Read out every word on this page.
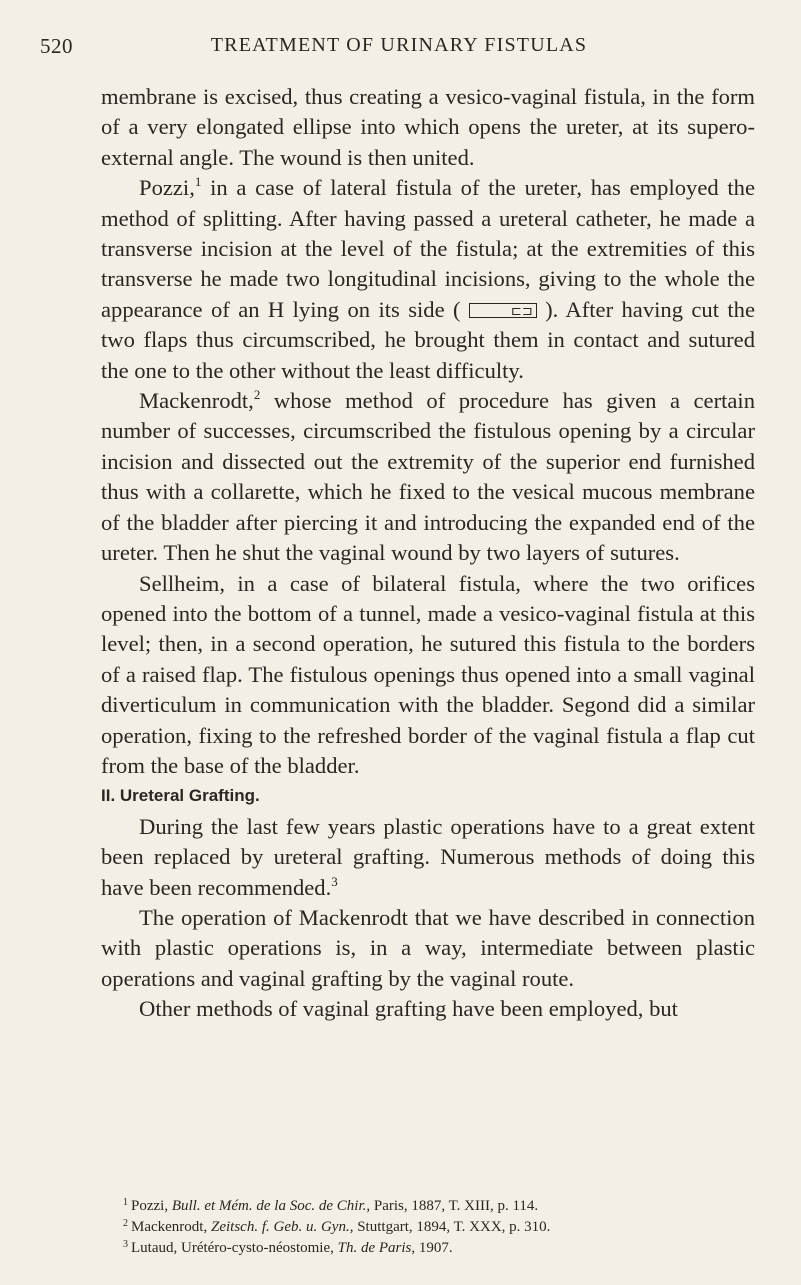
520	TREATMENT OF URINARY FISTULAS

membrane is excised, thus creating a vesico-vaginal fistula, in the form of a very elongated ellipse into which opens the ureter, at its supero-external angle. The wound is then united.

Pozzi,$^1$ in a case of lateral fistula of the ureter, has employed the method of splitting. After having passed a ureteral catheter, he made a transverse incision at the level of the fistula; at the extremities of this transverse he made two longitudinal incisions, giving to the whole the appearance of an H lying on its side (	⊏⊐ ). After having cut the two flaps thus circumscribed, he brought them in contact and sutured the one to the other without the least difficulty.

Mackenrodt,$^2$ whose method of procedure has given a certain number of successes, circumscribed the fistulous opening by a circular incision and dissected out the extremity of the superior end furnished thus with a collarette, which he fixed to the vesical mucous membrane of the bladder after piercing it and introducing the expanded end of the ureter. Then he shut the vaginal wound by two layers of sutures.

Sellheim, in a case of bilateral fistula, where the two orifices opened into the bottom of a tunnel, made a vesico-vaginal fistula at this level; then, in a second operation, he sutured this fistula to the borders of a raised flap. The fistulous openings thus opened into a small vaginal diverticulum in communication with the bladder. Segond did a similar operation, fixing to the refreshed border of the vaginal fistula a flap cut from the base of the bladder.

II. Ureteral Grafting.

During the last few years plastic operations have to a great extent been replaced by ureteral grafting. Numerous methods of doing this have been recommended.$^3$

The operation of Mackenrodt that we have described in connection with plastic operations is, in a way, intermediate between plastic operations and vaginal grafting by the vaginal route.

Other methods of vaginal grafting have been employed, but

$^1$ Pozzi, Bull. et Mém. de la Soc. de Chir., Paris, 1887, T. XIII, p. 114.
$^2$ Mackenrodt, Zeitsch. f. Geb. u. Gyn., Stuttgart, 1894, T. XXX, p. 310.
$^3$ Lutaud, Urétéro-cysto-néostomie, Th. de Paris, 1907.
